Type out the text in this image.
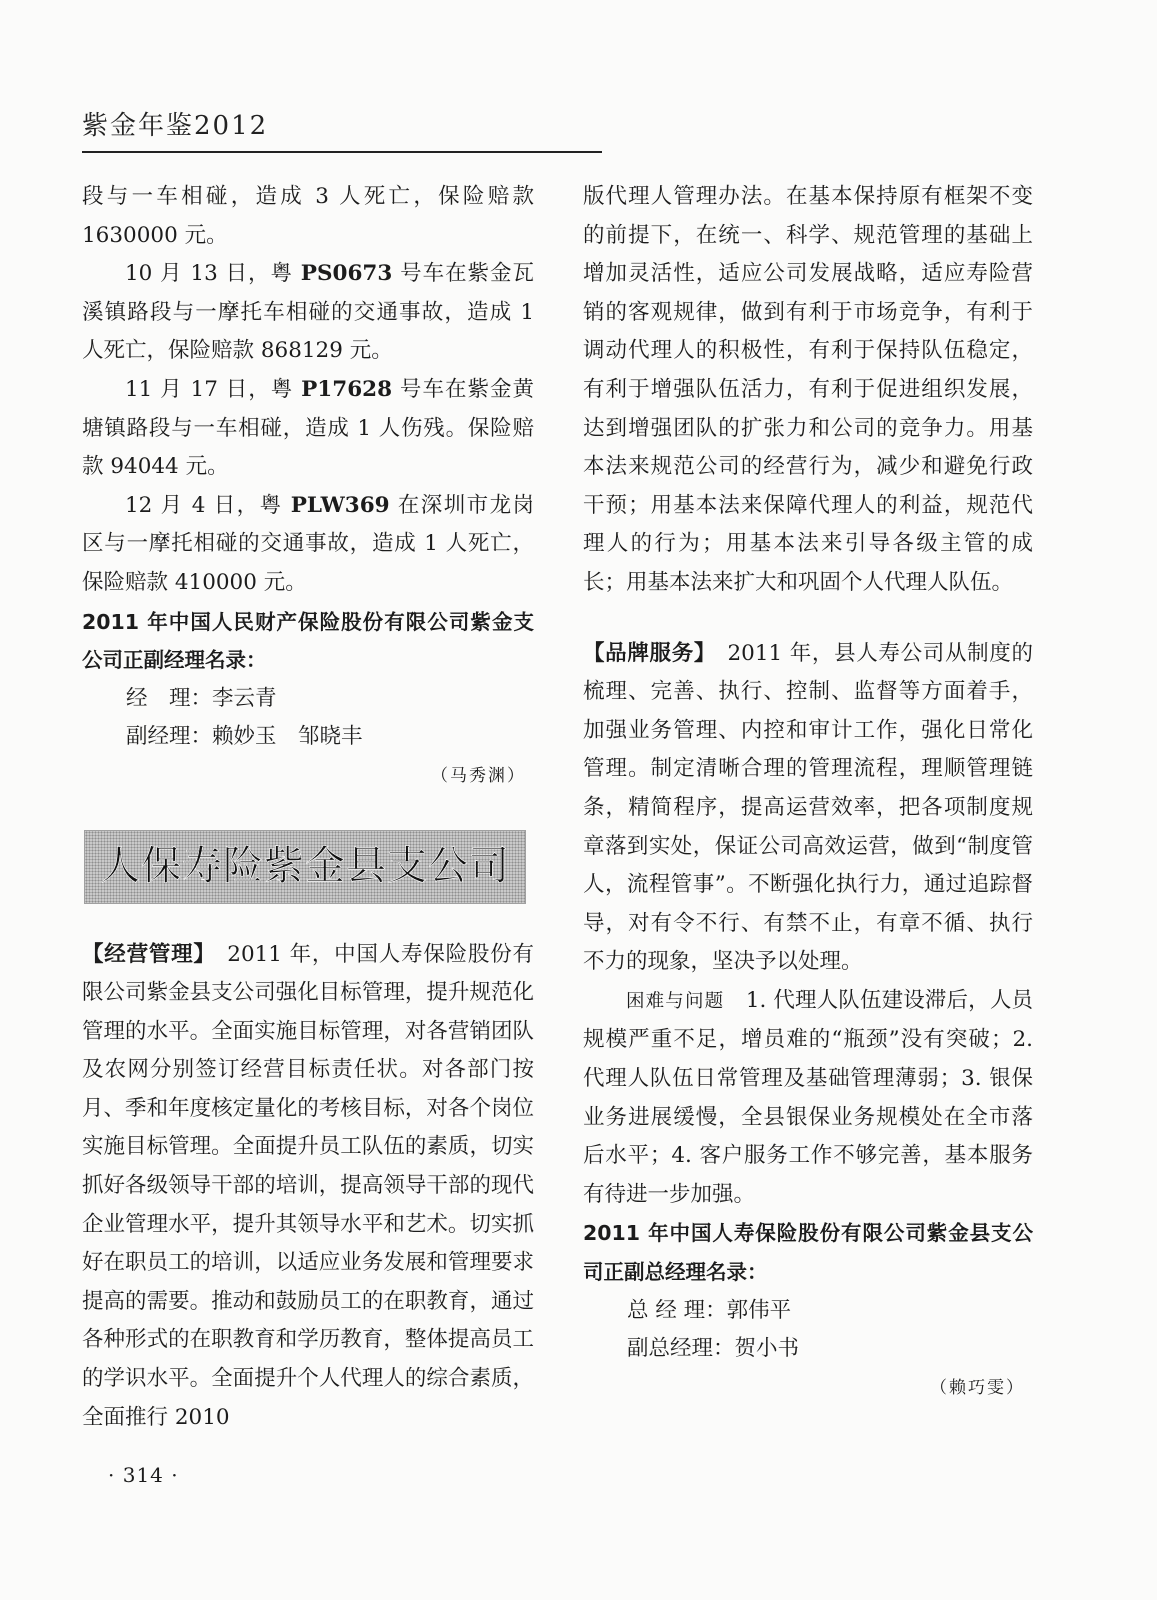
紫金年鉴2012

段与一车相碰，造成 3 人死亡，保险赔款 1630000 元。

10 月 13 日，粤 PS0673 号车在紫金瓦溪镇路段与一摩托车相碰的交通事故，造成 1 人死亡，保险赔款 868129 元。

11 月 17 日，粤 P17628 号车在紫金黄塘镇路段与一车相碰，造成 1 人伤残。保险赔款 94044 元。

12 月 4 日，粤 PLW369 在深圳市龙岗区与一摩托相碰的交通事故，造成 1 人死亡，保险赔款 410000 元。

2011 年中国人民财产保险股份有限公司紫金支公司正副经理名录：

经　理：李云青

副经理：赖妙玉　邹晓丰

（马秀渊）

人保寿险紫金县支公司

【经营管理】　2011 年，中国人寿保险股份有限公司紫金县支公司强化目标管理，提升规范化管理的水平。全面实施目标管理，对各营销团队及农网分别签订经营目标责任状。对各部门按月、季和年度核定量化的考核目标，对各个岗位实施目标管理。全面提升员工队伍的素质，切实抓好各级领导干部的培训，提高领导干部的现代企业管理水平，提升其领导水平和艺术。切实抓好在职员工的培训，以适应业务发展和管理要求提高的需要。推动和鼓励员工的在职教育，通过各种形式的在职教育和学历教育，整体提高员工的学识水平。全面提升个人代理人的综合素质，全面推行 2010

版代理人管理办法。在基本保持原有框架不变的前提下，在统一、科学、规范管理的基础上增加灵活性，适应公司发展战略，适应寿险营销的客观规律，做到有利于市场竞争，有利于调动代理人的积极性，有利于保持队伍稳定，有利于增强队伍活力，有利于促进组织发展，达到增强团队的扩张力和公司的竞争力。用基本法来规范公司的经营行为，减少和避免行政干预；用基本法来保障代理人的利益，规范代理人的行为；用基本法来引导各级主管的成长；用基本法来扩大和巩固个人代理人队伍。

【品牌服务】　2011 年，县人寿公司从制度的梳理、完善、执行、控制、监督等方面着手，加强业务管理、内控和审计工作，强化日常化管理。制定清晰合理的管理流程，理顺管理链条，精简程序，提高运营效率，把各项制度规章落到实处，保证公司高效运营，做到“制度管人，流程管事”。不断强化执行力，通过追踪督导，对有令不行、有禁不止，有章不循、执行不力的现象，坚决予以处理。

困难与问题　1. 代理人队伍建设滞后，人员规模严重不足，增员难的“瓶颈”没有突破；2. 代理人队伍日常管理及基础管理薄弱；3. 银保业务进展缓慢，全县银保业务规模处在全市落后水平；4. 客户服务工作不够完善，基本服务有待进一步加强。

2011 年中国人寿保险股份有限公司紫金县支公司正副总经理名录：

总 经 理：郭伟平

副总经理：贺小书

（赖巧雯）

· 314 ·
